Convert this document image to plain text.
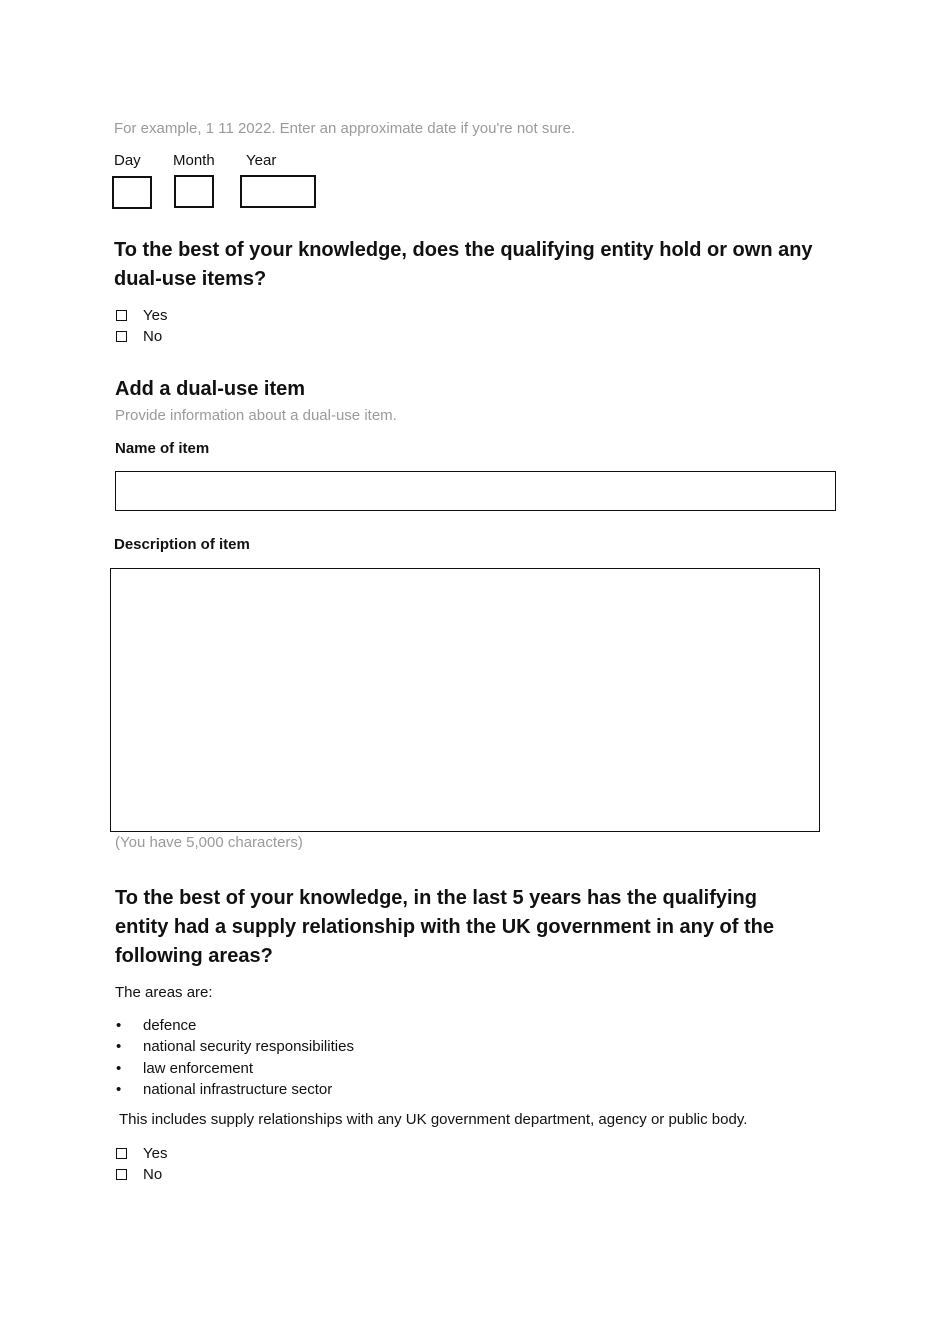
For example, 1 11 2022. Enter an approximate date if you're not sure.
Day Month Year
To the best of your knowledge, does the qualifying entity hold or own any dual-use items?
Yes
No
Add a dual-use item
Provide information about a dual-use item.
Name of item
Description of item
(You have 5,000 characters)
To the best of your knowledge, in the last 5 years has the qualifying entity had a supply relationship with the UK government in any of the following areas?
The areas are:
•	defence
•	national security responsibilities
•	law enforcement
•	national infrastructure sector
This includes supply relationships with any UK government department, agency or public body.
Yes
No
